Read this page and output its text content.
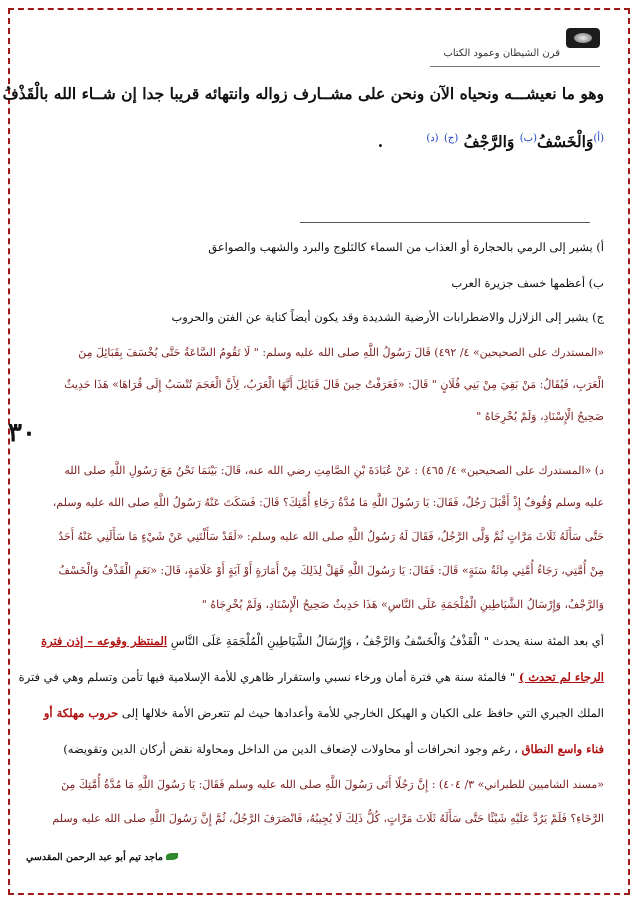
قرن الشيطان وعمود الكتاب
وهو ما نعيشـــه ونحياه الآن ونحن على مشــارف زواله وانتهائه قريبا جدا إن شــاء الله بالْقَذْفُ
$^{(أ)}$وَالْخَسْفُ$^{(ب)}$ وَالرَّجْفُ $^{(ج)}$ $^{(د)}$        .
أ) يشير إلى الرمي بالحجارة أو العذاب من السماء كالثلوج والبرد والشهب والصواعق
ب) أعظمها خسف جزيرة العرب
ج) يشير إلى الزلازل والاضطرابات الأرضية الشديدة وقد يكون أيضاً كناية عن الفتن والحروب
«المستدرك على الصحيحين» ٤/ ٤٩٢) قَالَ رَسُولُ اللَّهِ صلى الله عليه وسلم: " لَا تَقُومُ السَّاعَةُ حَتَّى يُخْسَفَ بِقَبَائِلَ مِنَ
الْعَرَبِ، فَيُقَالُ: مَنْ بَقِيَ مِنْ بَنِي فُلَانٍ " قَالَ: «فَعَرَفْتُ حِينَ قَالَ قَبَائِلَ أَنَّهَا الْعَرَبُ، لِأَنَّ الْعَجَمَ تُنْسَبُ إِلَى قُرَاهَا» هَذَا حَدِيثٌ
صَحِيحُ الْإِسْنَادِ، وَلَمْ يُخْرِجَاهُ "
٣٠
د) «المستدرك على الصحيحين» ٤/ ٤٦٥) : عَنْ عُبَادَةَ بْنِ الصَّامِتِ رضي الله عنه، قَالَ: بَيْنَمَا نَحْنُ مَعَ رَسُولِ اللَّهِ صلى الله
عليه وسلم وُقُوفٌ إِذْ أَقْبَلَ رَجُلٌ، فَقَالَ: يَا رَسُولَ اللَّهِ مَا مُدَّةُ رَجَاءِ أُمَّتِكَ؟ قَالَ: فَسَكَتَ عَنْهُ رَسُولُ اللَّهِ صلى الله عليه وسلم،
حَتَّى سَأَلَهُ ثَلَاثَ مَرَّاتٍ ثُمَّ وَلَّى الرَّجُلُ، فَقَالَ لَهُ رَسُولُ اللَّهِ صلى الله عليه وسلم: «لَقَدْ سَأَلْتَنِي عَنْ شَيْءٍ مَا سَأَلَنِي عَنْهُ أَحَدٌ
مِنْ أُمَّتِي، رَجَاءُ أُمَّتِي مِائَةُ سَنَةٍ» قَالَ: فَقَالَ: يَا رَسُولَ اللَّهِ فَهَلْ لِذَلِكَ مِنْ أَمَارَةٍ أَوْ آيَةٍ أَوْ عَلَامَةٍ، قَالَ: «نَعَمِ الْقَذْفُ وَالْخَسْفُ
وَالرَّجْفُ، وَإِرْسَالُ الشَّيَاطِينِ الْمُلْجَمَةِ عَلَى النَّاسِ» هَذَا حَدِيثٌ صَحِيحُ الْإِسْنَادِ، وَلَمْ يُخْرِجَاهُ "
أي بعد المئة سنة يحدث " الْقَذْفُ وَالْخَسْفُ وَالرَّجْفُ ، وَإِرْسَالُ الشَّيَاطِينِ الْمُلْجَمَةِ عَلَى النَّاسِ المنتظر وقوعه – إذن فترة
الرجاء لم تحدث ) " فالمئة سنة هي فترة أمان ورخاء نسبي واستقرار ظاهري للأمة الإسلامية فيها تأمن وتسلم وهي في فترة
الملك الجبري التي حافظ على الكيان و الهيكل الخارجي للأمة وأعدادها حيث لم تتعرض الأمة خلالها إلى حروب مهلكة أو
فناء واسع النطاق ، رغم وجود انحرافات أو محاولات لإضعاف الدين من الداخل ومحاولة نقض أركان الدين وتقويضه)
«مسند الشاميين للطبراني» ٣/ ٤٠٤) : إِنَّ رَجُلًا أَتَى رَسُولَ اللَّهِ صلى الله عليه وسلم فَقَالَ: يَا رَسُولَ اللَّهِ مَا مُدَّةُ أُمَّتِكَ مِنَ
الرَّخَاءِ؟ فَلَمْ يَرُدَّ عَلَيْهِ شَيْئًا حَتَّى سَأَلَهُ ثَلَاثَ مَرَّاتٍ، كُلُّ ذَلِكَ لَا يُجِيبُهُ، فَانْصَرَفَ الرَّجُلُ، ثُمَّ إِنَّ رَسُولَ اللَّهِ صلى الله عليه وسلم
ماجد تيم أبو عبد الرحمن المقدسي
